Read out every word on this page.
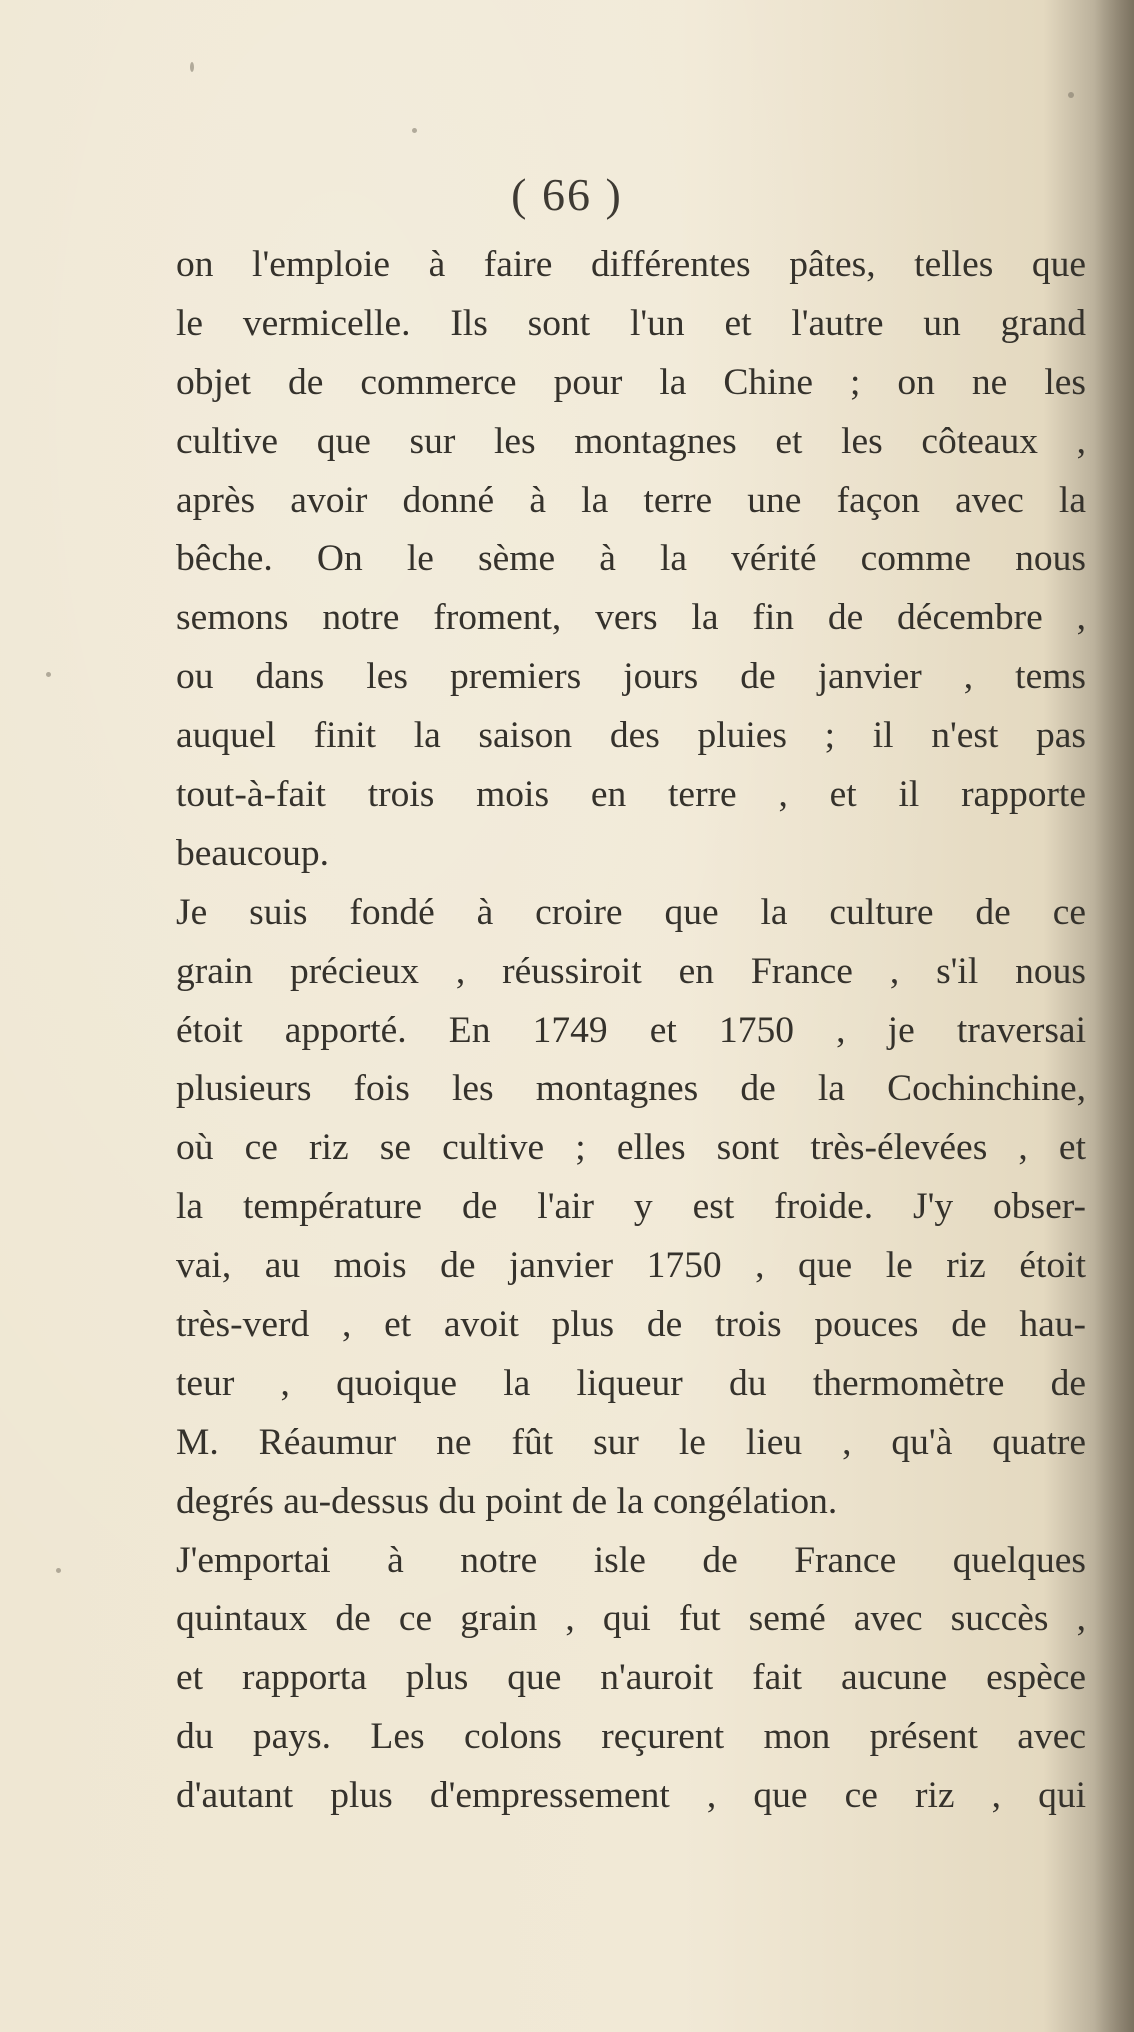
( 66 )
on l'emploie à faire différentes pâtes, telles que
le vermicelle. Ils sont l'un et l'autre un grand
objet de commerce pour la Chine ; on ne les
cultive que sur les montagnes et les côteaux ,
après avoir donné à la terre une façon avec la
bêche. On le sème à la vérité comme nous
semons notre froment, vers la fin de décembre ,
ou dans les premiers jours de janvier , tems
auquel finit la saison des pluies ; il n'est pas
tout-à-fait trois mois en terre , et il rapporte
beaucoup.
Je suis fondé à croire que la culture de ce
grain précieux , réussiroit en France , s'il nous
étoit apporté. En 1749 et 1750 , je traversai
plusieurs fois les montagnes de la Cochinchine,
où ce riz se cultive ; elles sont très-élevées , et
la température de l'air y est froide. J'y obser-
vai, au mois de janvier 1750 , que le riz étoit
très-verd , et avoit plus de trois pouces de hau-
teur , quoique la liqueur du thermomètre de
M. Réaumur ne fût sur le lieu , qu'à quatre
degrés au-dessus du point de la congélation.
J'emportai à notre isle de France quelques
quintaux de ce grain , qui fut semé avec succès ,
et rapporta plus que n'auroit fait aucune espèce
du pays. Les colons reçurent mon présent avec
d'autant plus d'empressement , que ce riz , qui
